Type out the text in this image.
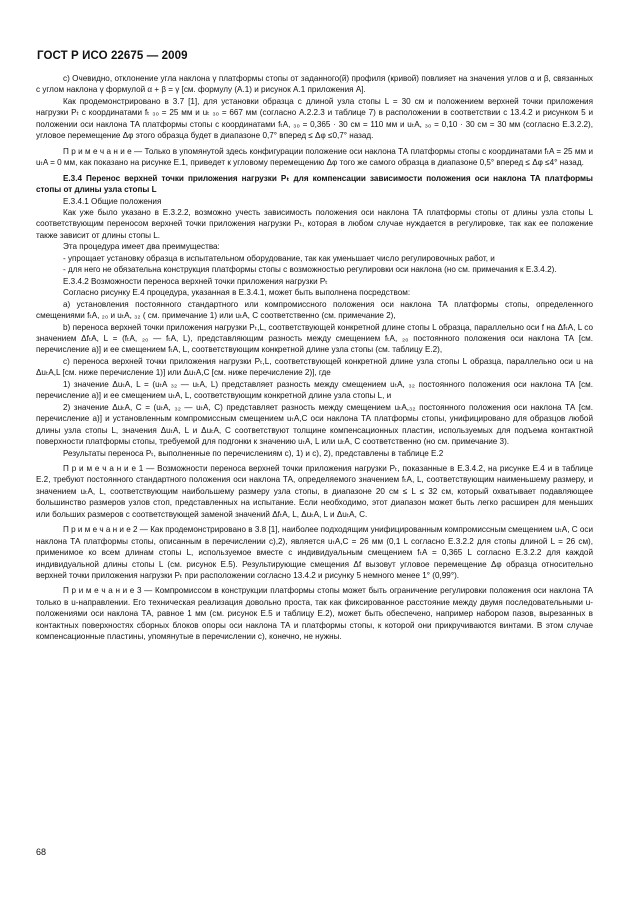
ГОСТ Р ИСО 22675 — 2009

с) Очевидно, отклонение угла наклона γ платформы стопы от заданного(й) профиля (кривой) повлияет на значения углов α и β, связанных с углом наклона γ формулой α + β = γ [см. формулу (A.1) и рисунок A.1 приложения A].

Как продемонстрировано в 3.7 [1], для установки образца с длиной узла стопы L = 30 см и положением верхней точки приложения нагрузки Pₜ с координатами fₜ ₃₀ = 25 мм и uₜ ₃₀ = 667 мм (согласно A.2.2.3 и таблице 7) в расположении в соответствии с 13.4.2 и рисунком 5 и положении оси наклона ТА платформы стопы с координатами fₜA, ₃₀ = 0,365 · 30 см = 110 мм и uₜA, ₃₀ = 0,10 · 30 см = 30 мм (согласно E.3.2.2), угловое перемещение Δφ этого образца будет в диапазоне 0,7° вперед ≤ Δφ ≤0,7° назад.

П р и м е ч а н и е — Только в упомянутой здесь конфигурации положение оси наклона ТА платформы стопы с координатами fₜA = 25 мм и uₜA = 0 мм, как показано на рисунке E.1, приведет к угловому перемещению Δφ того же самого образца в диапазоне 0,5° вперед ≤ Δφ ≤4° назад.

E.3.4 Перенос верхней точки приложения нагрузки Pₜ для компенсации зависимости положения оси наклона ТА платформы стопы от длины узла стопы L

E.3.4.1 Общие положения

Как уже было указано в E.3.2.2, возможно учесть зависимость положения оси наклона ТА платформы стопы от длины узла стопы L соответствующим переносом верхней точки приложения нагрузки Pₜ, которая в любом случае нуждается в регулировке, так как ее положение также зависит от длины стопы L.

Эта процедура имеет два преимущества:

- упрощает установку образца в испытательном оборудование, так как уменьшает число регулировочных работ, и

- для него не обязательна конструкция платформы стопы с возможностью регулировки оси наклона (но см. примечания к E.3.4.2).

E.3.4.2 Возможности переноса верхней точки приложения нагрузки Pₜ

Согласно рисунку E.4 процедура, указанная в E.3.4.1, может быть выполнена посредством:

а) установления постоянного стандартного или компромиссного положения оси наклона ТА платформы стопы, определенного смещениями fₜA, ₂₀ и uₜA, ₃₂ ( см. примечание 1) или uₜA, C соответственно (см. примечание 2),

b) переноса верхней точки приложения нагрузки Pₜ,L, соответствующей конкретной длине стопы L образца, параллельно оси f на ΔfₜA, L со значением ΔfₜA, L = (fₜA, ₂₀ — fₜA, L), представляющим разность между смещением fₜA, ₂₀ постоянного положения оси наклона ТА [см. перечисление а)] и ее смещением fₜA, L, соответствующим конкретной длине узла стопы (см. таблицу E.2),

с) переноса верхней точки приложения нагрузки Pₜ,L, соответствующей конкретной длине узла стопы L образца, параллельно оси u на ΔuₜA,L [см. ниже перечисление 1)] или ΔuₜA,C [см. ниже перечисление 2)], где

1) значение ΔuₜA, L = (uₜA ₃₂ — uₜA, L) представляет разность между смещением uₜA, ₃₂ постоянного положения оси наклона ТА [см. перечисление а)] и ее смещением uₜA, L, соответствующим конкретной длине узла стопы L, и

2) значение ΔuₜA, C = (uₜA, ₃₂ — uₜA, C) представляет разность между смещением uₜA,₃₂ постоянного положения оси наклона ТА [см. перечисление а)] и установленным компромиссным смещением uₜA,C оси наклона ТА платформы стопы, унифицировано для образцов любой длины узла стопы L, значения ΔuₜA, L и ΔuₜA, C соответствуют толщине компенсационных пластин, используемых для подъема контактной поверхности платформы стопы, требуемой для подгонки к значению uₜA, L или uₜA, C соответственно (но см. примечание 3).

Результаты переноса Pₜ, выполненные по перечислениям с), 1) и с), 2), представлены в таблице E.2

П р и м е ч а н и е 1 — Возможности переноса верхней точки приложения нагрузки Pₜ, показанные в E.3.4.2, на рисунке E.4 и в таблице E.2, требуют постоянного стандартного положения оси наклона ТА, определяемого значением fₜA, L, соответствующим наименьшему размеру, и значением uₜA, L, соответствующим наибольшему размеру узла стопы, в диапазоне 20 см ≤ L ≤ 32 см, который охватывает подавляющее большинство размеров узлов стоп, представленных на испытание. Если необходимо, этот диапазон может быть легко расширен для меньших или больших размеров с соответствующей заменой значений ΔfₜA, L, ΔuₜA, L и ΔuₜA, C.

П р и м е ч а н и е 2 — Как продемонстрировано в 3.8 [1], наиболее подходящим унифицированным компромиссным смещением uₜA, C оси наклона ТА платформы стопы, описанным в перечислении с),2), является uₜA,C = 26 мм (0,1 L согласно E.3.2.2 для стопы длиной L = 26 см), применимое ко всем длинам стопы L, используемое вместе с индивидуальным смещением fₜA = 0,365 L согласно E.3.2.2 для каждой индивидуальной длины стопы L (см. рисунок E.5). Результирующие смещения Δf вызовут угловое перемещение Δφ образца относительно верхней точки приложения нагрузки Pₜ при расположении согласно 13.4.2 и рисунку 5 немного менее 1° (0,99°).

П р и м е ч а н и е 3 — Компромиссом в конструкции платформы стопы может быть ограничение регулировки положения оси наклона ТА только в u-направлении. Его техническая реализация довольно проста, так как фиксированное расстояние между двумя последовательными u-положениями оси наклона ТА, равное 1 мм (см. рисунок E.5 и таблицу E.2), может быть обеспечено, например набором пазов, вырезанных в контактных поверхностях сборных блоков опоры оси наклона ТА и платформы стопы, к которой они прикручиваются винтами. В этом случае компенсационные пластины, упомянутые в перечислении с), конечно, не нужны.

68
